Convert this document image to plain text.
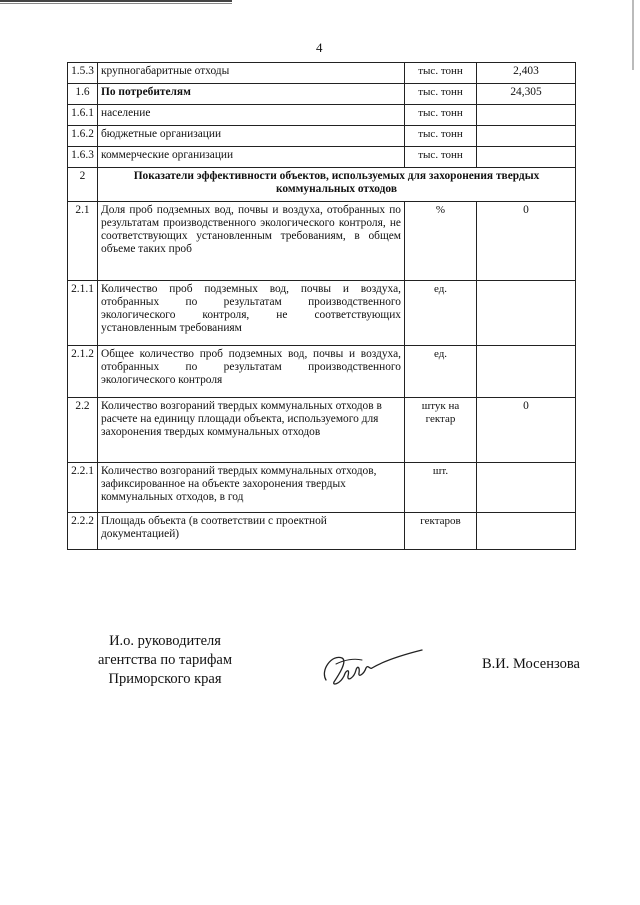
4
1.5.3	крупногабаритные отходы	тыс. тонн	2,403
1.6	По потребителям	тыс. тонн	24,305
1.6.1	население	тыс. тонн	
1.6.2	бюджетные организации	тыс. тонн	
1.6.3	коммерческие организации	тыс. тонн	
2	Показатели эффективности объектов, используемых для захоронения твердых коммунальных отходов		
2.1	Доля проб подземных вод, почвы и воздуха, отобранных по результатам производственного экологического контроля, не соответствующих установленным требованиям, в общем объеме таких проб	%	0
2.1.1	Количество проб подземных вод, почвы и воздуха, отобранных по результатам производственного экологического контроля, не соответствующих установленным требованиям	ед.	
2.1.2	Общее количество проб подземных вод, почвы и воздуха, отобранных по результатам производственного экологического контроля	ед.	
2.2	Количество возгораний твердых коммунальных отходов в расчете на единицу площади объекта, используемого для захоронения твердых коммунальных отходов	штук на гектар	0
2.2.1	Количество возгораний твердых коммунальных отходов, зафиксированное на объекте захоронения твердых коммунальных отходов, в год	шт.	
2.2.2	Площадь объекта (в соответствии с проектной документацией)	гектаров	
И.о. руководителя
агентства по тарифам
Приморского края
В.И. Мосензова
